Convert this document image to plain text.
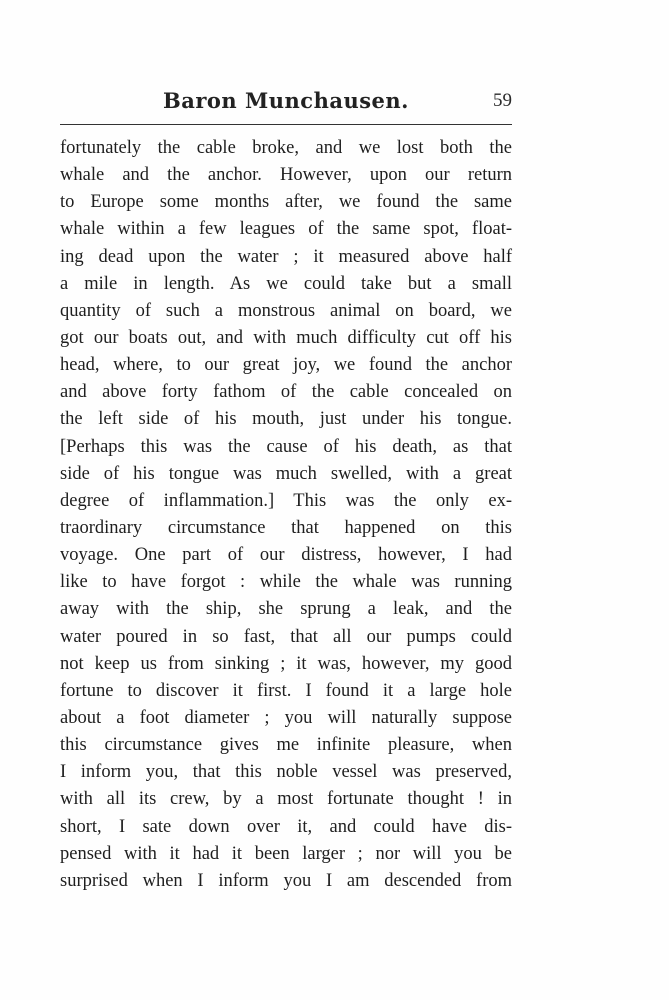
Baron Munchausen.	59
fortunately the cable broke, and we lost both the
whale and the anchor. However, upon our return
to Europe some months after, we found the same
whale within a few leagues of the same spot, float-
ing dead upon the water ; it measured above half
a mile in length. As we could take but a small
quantity of such a monstrous animal on board, we
got our boats out, and with much difficulty cut off his
head, where, to our great joy, we found the anchor
and above forty fathom of the cable concealed on
the left side of his mouth, just under his tongue.
[Perhaps this was the cause of his death, as that
side of his tongue was much swelled, with a great
degree of inflammation.] This was the only ex-
traordinary circumstance that happened on this
voyage. One part of our distress, however, I had
like to have forgot : while the whale was running
away with the ship, she sprung a leak, and the
water poured in so fast, that all our pumps could
not keep us from sinking ; it was, however, my good
fortune to discover it first. I found it a large hole
about a foot diameter ; you will naturally suppose
this circumstance gives me infinite pleasure, when
I inform you, that this noble vessel was preserved,
with all its crew, by a most fortunate thought ! in
short, I sate down over it, and could have dis-
pensed with it had it been larger ; nor will you be
surprised when I inform you I am descended from
